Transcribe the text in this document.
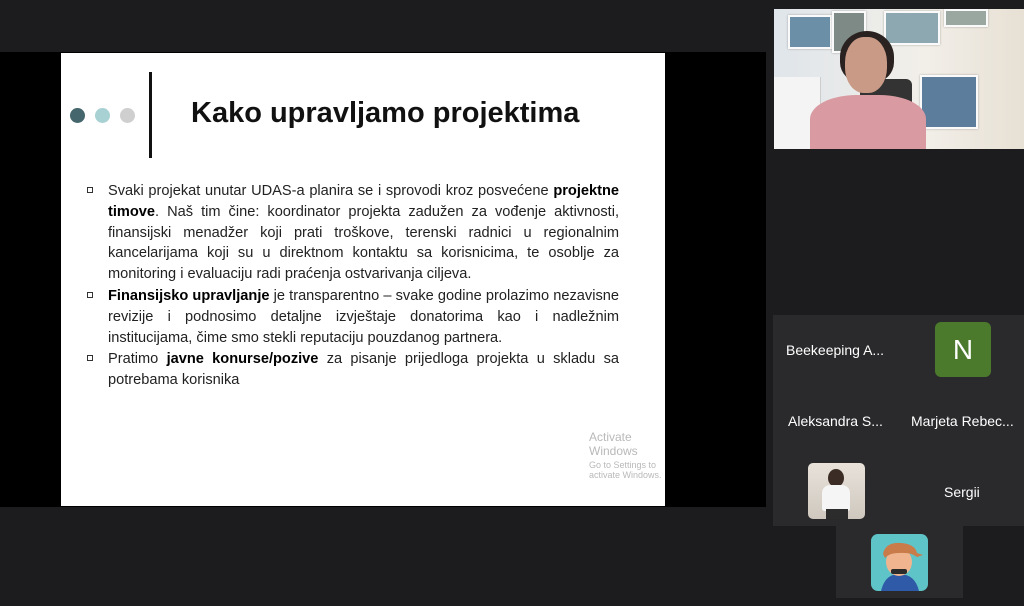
Kako upravljamo projektima
Svaki projekat unutar UDAS-a planira se i sprovodi kroz posvećene projektne timove. Naš tim čine: koordinator projekta zadužen za vođenje aktivnosti, finansijski menadžer koji prati troškove, terenski radnici u regionalnim kancelarijama koji su u direktnom kontaktu sa korisnicima, te osoblje za monitoring i evaluaciju radi praćenja ostvarivanja ciljeva.
Finansijsko upravljanje je transparentno – svake godine prolazimo nezavisne revizije i podnosimo detaljne izvještaje donatorima kao i nadležnim institucijama, čime smo stekli reputaciju pouzdanog partnera.
Pratimo javne konurse/pozive za pisanje prijedloga projekta u skladu sa potrebama korisnika
Activate Windows
Go to Settings to activate Windows.
Beekeeping A...	N
Aleksandra S... Marjeta Rebec...
Sergii
